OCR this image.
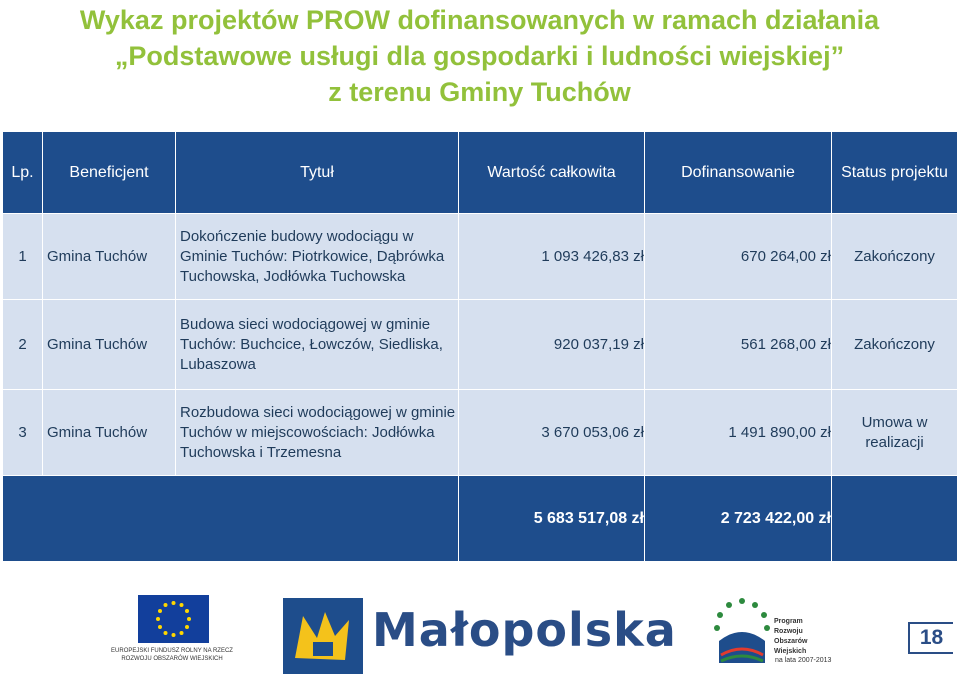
Wykaz projektów PROW dofinansowanych w ramach działania
„Podstawowe usługi dla gospodarki i ludności wiejskiej”
z terenu Gminy Tuchów
Lp.	Beneficjent	Tytuł	Wartość całkowita	Dofinansowanie	Status projektu
1	Gmina Tuchów	Dokończenie budowy wodociągu w Gminie Tuchów: Piotrkowice, Dąbrówka Tuchowska, Jodłówka Tuchowska	1 093 426,83 zł	670 264,00 zł	Zakończony
2	Gmina Tuchów	Budowa sieci wodociągowej w gminie Tuchów: Buchcice, Łowczów, Siedliska, Lubaszowa	920 037,19 zł	561 268,00 zł	Zakończony
3	Gmina Tuchów	Rozbudowa sieci wodociągowej w gminie Tuchów w miejscowościach: Jodłówka Tuchowska i Trzemesna	3 670 053,06 zł	1 491 890,00 zł	Umowa w realizacji
			5 683 517,08 zł	2 723 422,00 zł	
EUROPEJSKI FUNDUSZ ROLNY NA RZECZ ROZWOJU OBSZARÓW WIEJSKICH
Małopolska	Program
Rozwoju
Obszarów
Wiejskich
na lata 2007-2013
18
